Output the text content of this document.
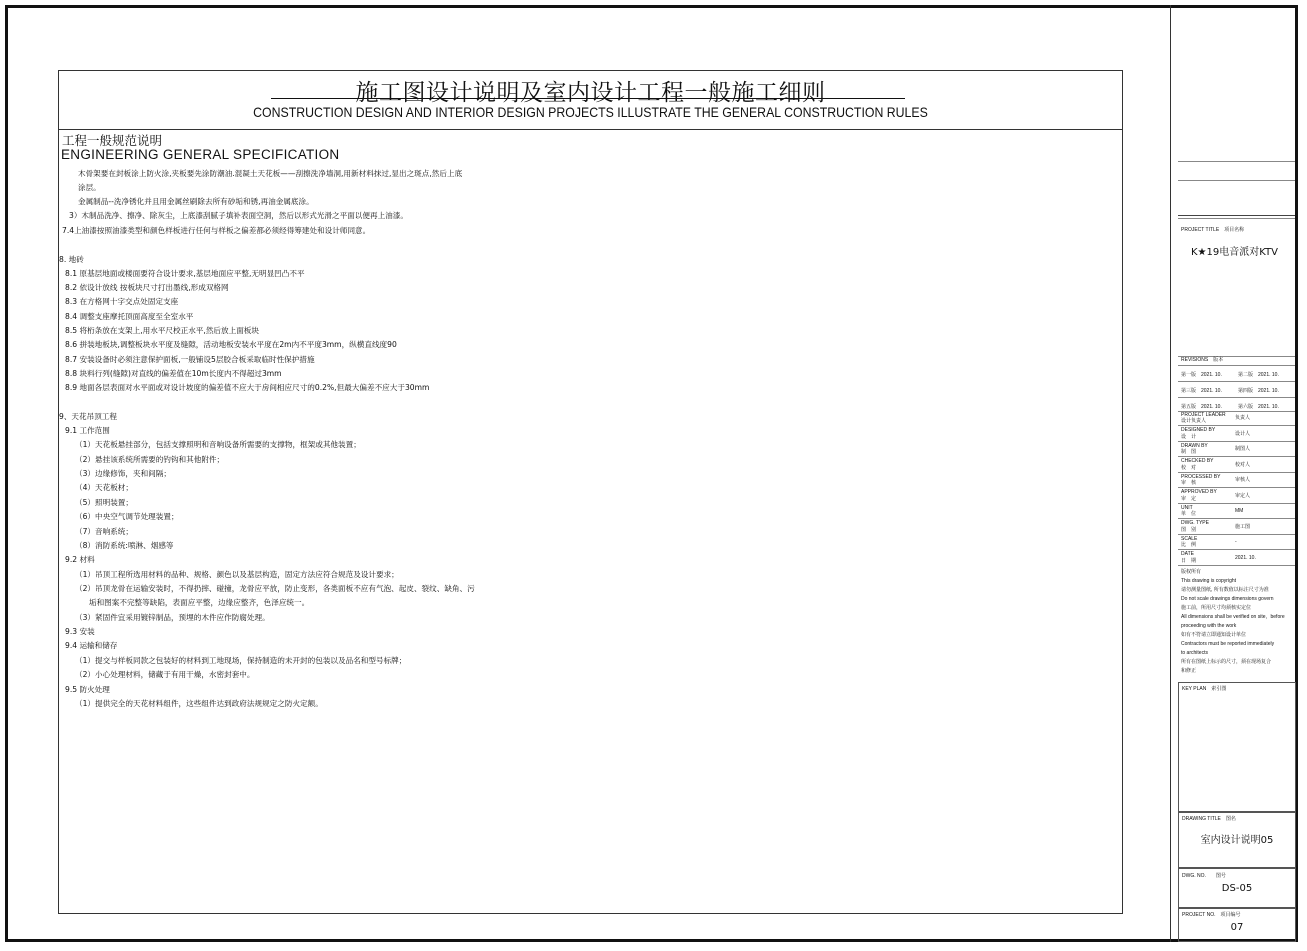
施工图设计说明及室内设计工程一般施工细则
CONSTRUCTION DESIGN AND INTERIOR DESIGN PROJECTS ILLUSTRATE THE GENERAL CONSTRUCTION RULES
工程一般规范说明
ENGINEERING GENERAL SPECIFICATION
木骨架要在封板涂上防火涂,夹板要先涂防潮油.混凝土天花板——刮擦洗净墙洞,用新材料抹过,显出之斑点,然后上底
涂层。
金属制品--洗净锈化并且用金属丝刷除去所有砂垢和锈,再油金属底涂。
3）木制品洗净、擦净、除灰尘，上底漆刮腻子填补表面空洞，然后以形式光滑之平面以便再上油漆。
7.4上油漆按照油漆类型和颜色样板进行任何与样板之偏差都必须经得筹建处和设计师同意。
8. 地砖
8.1 原基层地面或楼面要符合设计要求,基层地面应平整,无明显凹凸不平
8.2 依设计放线 按板块尺寸打出墨线,形成双格网
8.3 在方格网十字交点处固定支座
8.4 调整支座摩托顶面高度至全室水平
8.5 将桁条放在支架上,用水平尺校正水平,然后放上面板块
8.6 拼装地板块,调整板块水平度及缝隙，活动地板安装水平度在2m内不平度3mm，纵横直线度90
8.7 安装设备时必须注意保护面板,一般铺设5层胶合板采取临时性保护措施
8.8 块料行列(缝隙)对直线的偏差值在10m长度内不得超过3mm
8.9 地面各层表面对水平面或对设计坡度的偏差值不应大于房间相应尺寸的0.2%,但最大偏差不应大于30mm
9、天花吊顶工程
9.1 工作范围
（1）天花板悬挂部分，包括支撑照明和音响设备所需要的支撑物，框架或其他装置；
（2）悬挂该系统所需要的钓钩和其他附件；
（3）边缘修饰，夹和间隔；
（4）天花板材；
（5）照明装置；
（6）中央空气调节处理装置；
（7）音响系统；
（8）消防系统:喷淋、烟感等
9.2 材料
（1）吊顶工程所选用材料的品种、规格、颜色以及基层构造，固定方法应符合规范及设计要求；
（2）吊顶龙骨在运输安装时，不得扔摔、碰撞，龙骨应平放，防止变形，各类面板不应有气泡、起皮、裂纹、缺角、污
垢和图案不完整等缺陷，表面应平整，边缘应整齐，色泽应统一。
（3）紧固件宜采用镀锌制品，预埋的木件应作防腐处理。
9.3 安装
9.4 运输和储存
（1）提交与样板同款之包装好的材料到工地现场，保持制造的未开封的包装以及品名和型号标牌；
（2）小心处理材料，储藏于有用干燥，水密封套中。
9.5 防火处理
（1）提供完全的天花材料组件，这些组件达到政府法规规定之防火定额。
PROJECT TITLE　项目名称
K★19电音派对KTV
REVISIONS　版本
第一版　2021. 10.	第二版　2021. 10.
第三版　2021. 10.	第四版　2021. 10.
第五版　2021. 10.	第六版　2021. 10.
PROJECT LEADER
设计负责人	负责人
DESIGNED BY
设　计	设计人
DRAWN BY
制　图	制图人
CHECKED BY
校　对	校对人
PROCESSED BY
审　核	审核人
APPROVED BY
审　定	审定人
UNIT
单　位	MM
DWG. TYPE
图　别	施工图
SCALE
比　例	-
DATE
日　期	2021. 10.
版权所有
This drawing is copyright
请勿测量图纸, 所有数值以标注尺寸为准
Do not scale drawings dimensions govern
施工前，所用尺寸均须核实定位
All dimensions shall be verified on site，before
proceeding with the work
如有不符请立即通知设计单位
Contractors must be reported immediately
to architects
所有在图纸上标示的尺寸，须在现场复合
和修正
KEY PLAN　索引图
DRAWING TITLE　图名
室内设计说明05
DWG. NO.　　图号
DS-05
PROJECT NO.　项目编号
07
